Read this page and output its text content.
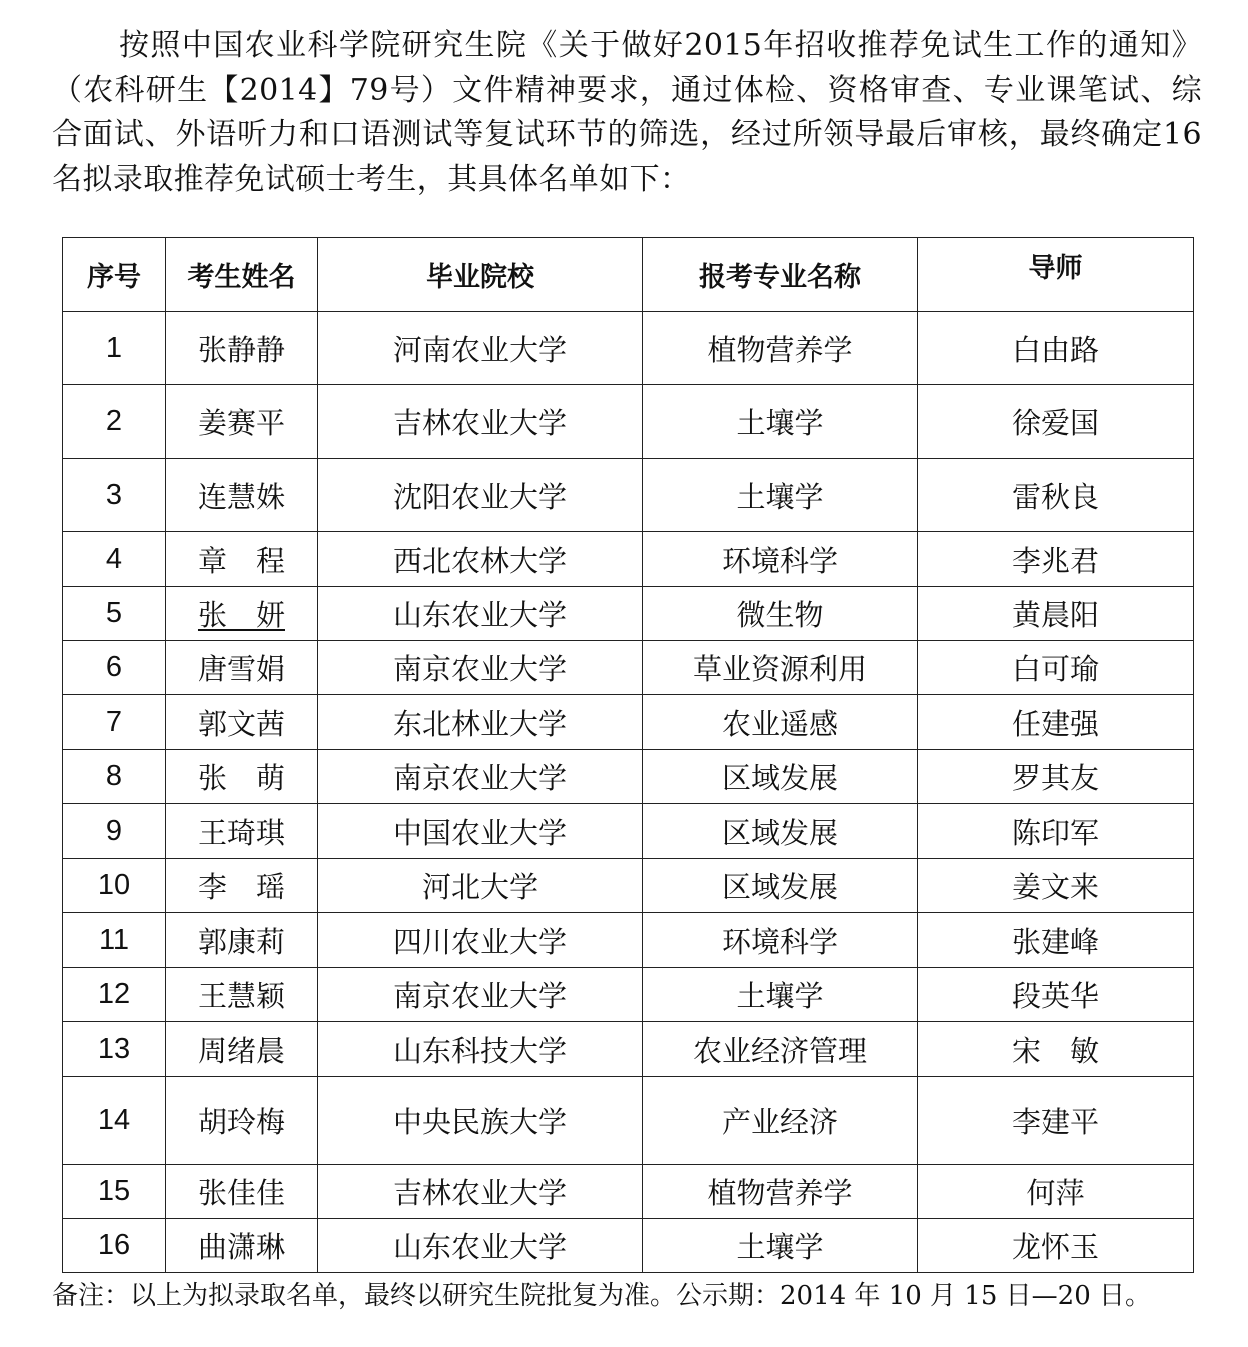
按照中国农业科学院研究生院《关于做好2015年招收推荐免试生工作的通知》（农科研生【2014】79号）文件精神要求，通过体检、资格审查、专业课笔试、综合面试、外语听力和口语测试等复试环节的筛选，经过所领导最后审核，最终确定16名拟录取推荐免试硕士考生，其具体名单如下：
序号	考生姓名	毕业院校	报考专业名称	导师
1	张静静	河南农业大学	植物营养学	白由路
2	姜赛平	吉林农业大学	土壤学	徐爱国
3	连慧姝	沈阳农业大学	土壤学	雷秋良
4	章　程	西北农林大学	环境科学	李兆君
5	张　妍	山东农业大学	微生物	黄晨阳
6	唐雪娟	南京农业大学	草业资源利用	白可瑜
7	郭文茜	东北林业大学	农业遥感	任建强
8	张　萌	南京农业大学	区域发展	罗其友
9	王琦琪	中国农业大学	区域发展	陈印军
10	李　瑶	河北大学	区域发展	姜文来
11	郭康莉	四川农业大学	环境科学	张建峰
12	王慧颖	南京农业大学	土壤学	段英华
13	周绪晨	山东科技大学	农业经济管理	宋　敏
14	胡玲梅	中央民族大学	产业经济	李建平
15	张佳佳	吉林农业大学	植物营养学	何萍
16	曲潇琳	山东农业大学	土壤学	龙怀玉
备注：以上为拟录取名单，最终以研究生院批复为准。公示期：2014 年 10 月 15 日—20 日。
